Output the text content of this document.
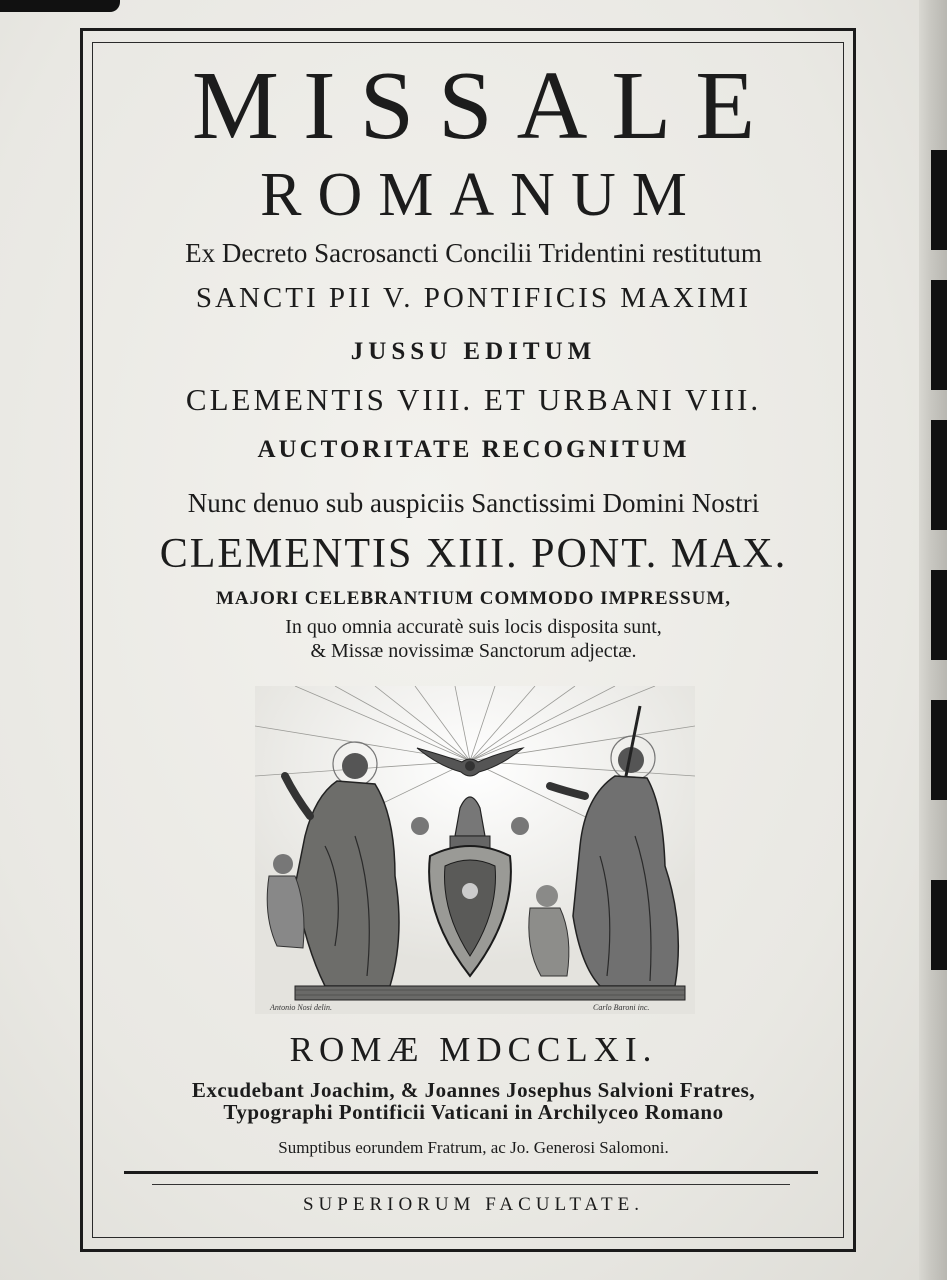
MISSALE
ROMANUM
Ex Decreto Sacrosancti Concilii Tridentini restitutum
SANCTI PII V. PONTIFICIS MAXIMI
JUSSU EDITUM
CLEMENTIS VIII. ET URBANI VIII.
AUCTORITATE RECOGNITUM
Nunc denuo sub auspiciis Sanctissimi Domini Nostri
CLEMENTIS XIII. PONT. MAX.
MAJORI CELEBRANTIUM COMMODO IMPRESSUM,
In quo omnia accuratè suis locis disposita sunt,
& Missæ novissimæ Sanctorum adjectæ.
Antonio Nosi delin.	Carlo Baroni inc.
ROMÆ MDCCLXI.
Excudebant Joachim, & Joannes Josephus Salvioni Fratres,
Typographi Pontificii Vaticani in Archilyceo Romano
Sumptibus eorundem Fratrum, ac Jo. Generosi Salomoni.
SUPERIORUM FACULTATE.
